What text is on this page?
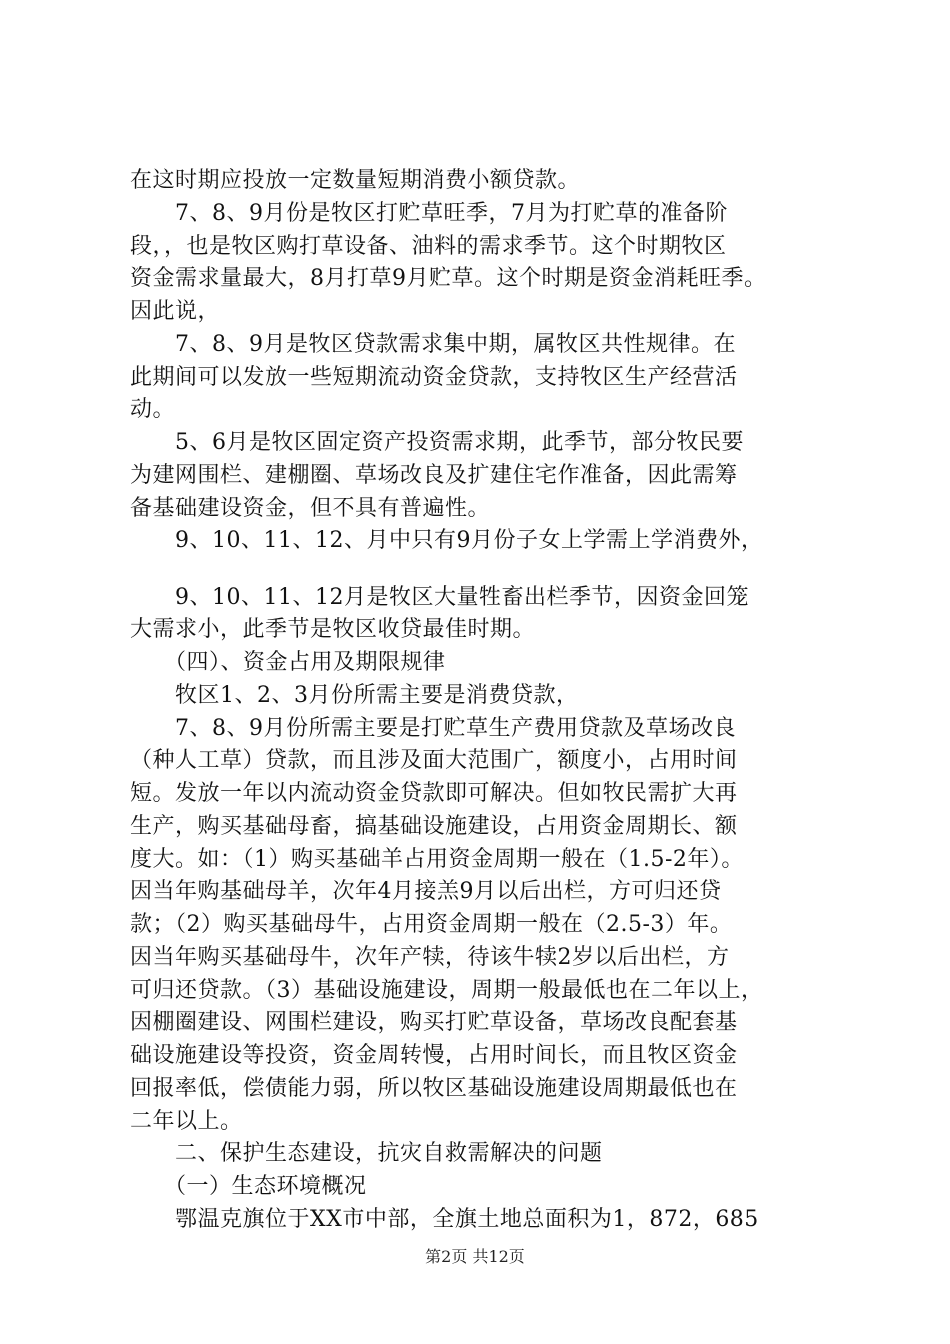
在这时期应投放一定数量短期消费小额贷款。
　　7、8、9月份是牧区打贮草旺季，7月为打贮草的准备阶
段，，也是牧区购打草设备、油料的需求季节。这个时期牧区
资金需求量最大，8月打草9月贮草。这个时期是资金消耗旺季。
因此说，
　　7、8、9月是牧区贷款需求集中期，属牧区共性规律。在
此期间可以发放一些短期流动资金贷款，支持牧区生产经营活
动。
　　5、6月是牧区固定资产投资需求期，此季节，部分牧民要
为建网围栏、建棚圈、草场改良及扩建住宅作准备，因此需筹
备基础建设资金，但不具有普遍性。
　　9、10、11、12、月中只有9月份子女上学需上学消费外，
　　9、10、11、12月是牧区大量牲畜出栏季节，因资金回笼
大需求小，此季节是牧区收贷最佳时期。
　　（四）、资金占用及期限规律
　　牧区1、2、3月份所需主要是消费贷款，
　　7、8、9月份所需主要是打贮草生产费用贷款及草场改良
（种人工草）贷款，而且涉及面大范围广，额度小，占用时间
短。发放一年以内流动资金贷款即可解决。但如牧民需扩大再
生产，购买基础母畜，搞基础设施建设，占用资金周期长、额
度大。如：（1）购买基础羊占用资金周期一般在（1.5-2年）。
因当年购基础母羊，次年4月接羔9月以后出栏，方可归还贷
款；（2）购买基础母牛，占用资金周期一般在（2.5-3）年。
因当年购买基础母牛，次年产犊，待该牛犊2岁以后出栏，方
可归还贷款。（3）基础设施建设，周期一般最低也在二年以上，
因棚圈建设、网围栏建设，购买打贮草设备，草场改良配套基
础设施建设等投资，资金周转慢，占用时间长，而且牧区资金
回报率低，偿债能力弱，所以牧区基础设施建设周期最低也在
二年以上。
　　二、保护生态建设，抗灾自救需解决的问题
　　（一）生态环境概况
　　鄂温克旗位于XX市中部，全旗土地总面积为1，872，685
第2页 共12页
